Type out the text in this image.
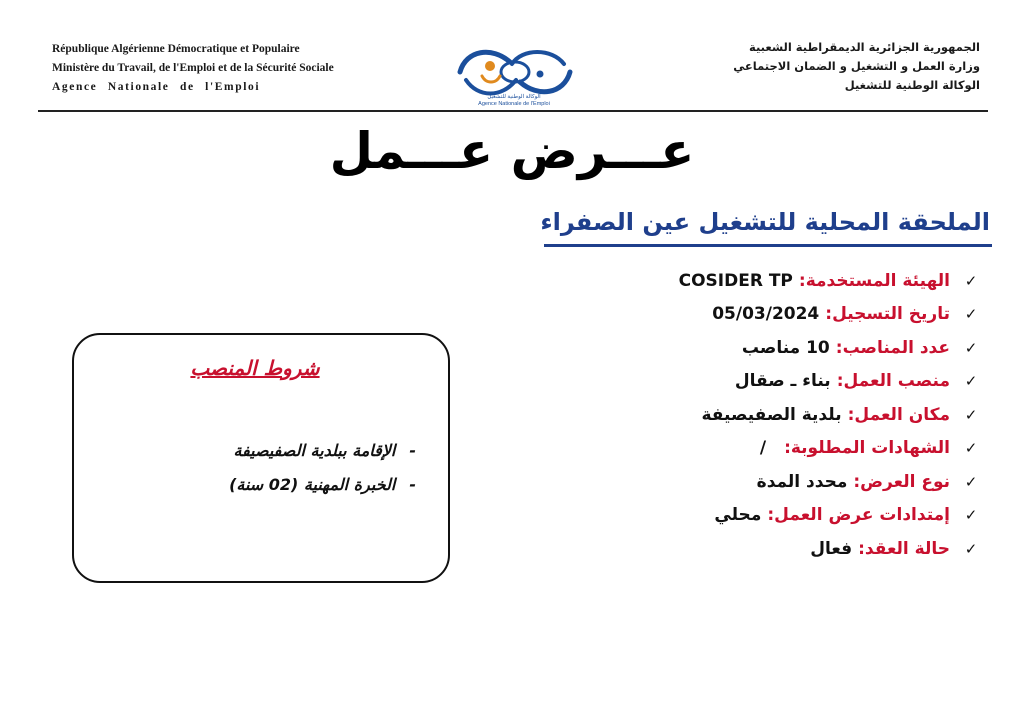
République Algérienne Démocratique et Populaire
Ministère du Travail, de l'Emploi et de la Sécurité Sociale
Agence Nationale de l'Emploi
الوكالة الوطنية للتشغيل
Agence Nationale de l'Emploi
الجمهورية الجزائرية الديمقراطية الشعبية
وزارة العمل و التشغيل و الضمان الاجتماعي
الوكالة الوطنية للتشغيل
عـــرض عـــمل
الملحقة المحلية للتشغيل عين الصفراء
✓
الهيئة المستخدمة:
COSIDER TP
✓
تاريخ التسجيل:
05/03/2024
✓
عدد المناصب:
10 مناصب
✓
منصب العمل:
بناء ـ صقال
✓
مكان العمل:
بلدية الصفيصيفة
✓
الشهادات المطلوبة:
/
✓
نوع العرض:
محدد المدة
✓
إمتدادات عرض العمل:
محلي
✓
حالة العقد:
فعال
شروط المنصب
-الإقامة ببلدية الصفيصيفة
-الخبرة المهنية (02 سنة)
